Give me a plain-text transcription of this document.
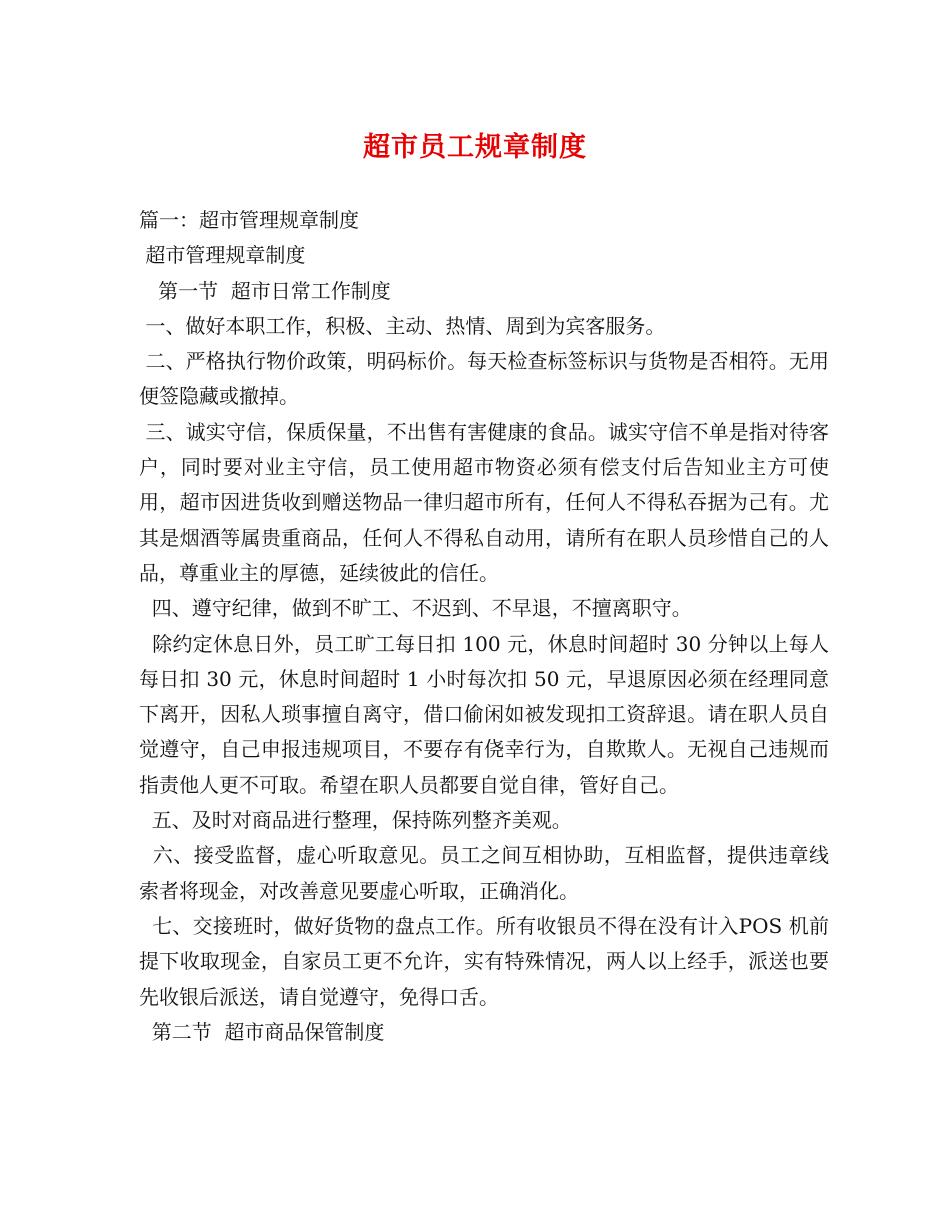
超市员工规章制度

篇一：超市管理规章制度

超市管理规章制度

第一节  超市日常工作制度

一、做好本职工作，积极、主动、热情、周到为宾客服务。

二、严格执行物价政策，明码标价。每天检查标签标识与货物是否相符。无用便签隐藏或撤掉。

三、诚实守信，保质保量，不出售有害健康的食品。诚实守信不单是指对待客户，同时要对业主守信，员工使用超市物资必须有偿支付后告知业主方可使用，超市因进货收到赠送物品一律归超市所有，任何人不得私吞据为己有。尤其是烟酒等属贵重商品，任何人不得私自动用，请所有在职人员珍惜自己的人品，尊重业主的厚德，延续彼此的信任。

四、遵守纪律，做到不旷工、不迟到、不早退，不擅离职守。

除约定休息日外，员工旷工每日扣 100 元，休息时间超时 30 分钟以上每人每日扣 30 元，休息时间超时 1 小时每次扣 50 元，早退原因必须在经理同意下离开，因私人琐事擅自离守，借口偷闲如被发现扣工资辞退。请在职人员自觉遵守，自己申报违规项目，不要存有侥幸行为，自欺欺人。无视自己违规而指责他人更不可取。希望在职人员都要自觉自律，管好自己。

五、及时对商品进行整理，保持陈列整齐美观。

六、接受监督，虚心听取意见。员工之间互相协助，互相监督，提供违章线索者将现金，对改善意见要虚心听取，正确消化。

七、交接班时，做好货物的盘点工作。所有收银员不得在没有计入POS 机前提下收取现金，自家员工更不允许，实有特殊情况，两人以上经手，派送也要先收银后派送，请自觉遵守，免得口舌。

第二节  超市商品保管制度
